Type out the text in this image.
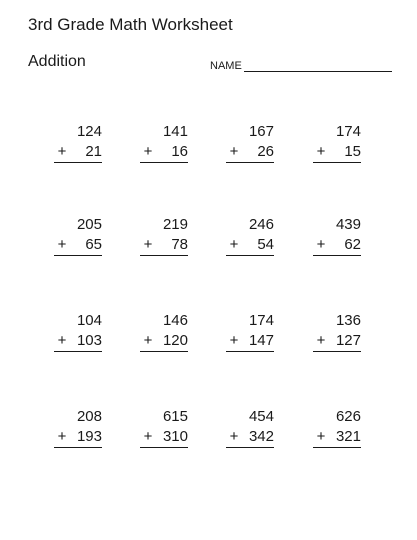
3rd Grade Math Worksheet
Addition	NAME
124
+ 21
141
+ 16
167
+ 26
174
+ 15
205
+ 65
219
+ 78
246
+ 54
439
+ 62
104
+ 103
146
+ 120
174
+ 147
136
+ 127
208
+ 193
615
+ 310
454
+ 342
626
+ 321
